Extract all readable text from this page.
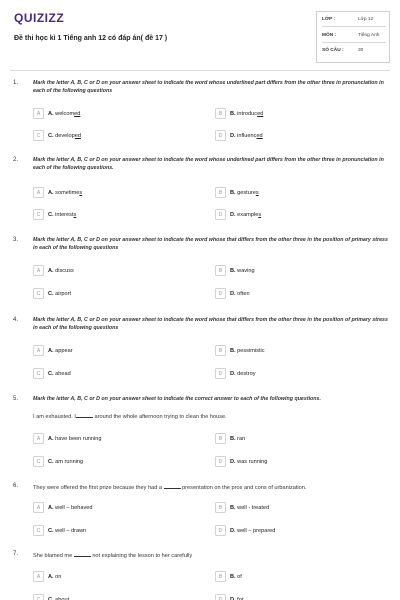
QUIZIZZ
Đề thi học kì 1 Tiếng anh 12 có đáp án( đề 17 )
LỚP :	Lớp 12
MÔN :	Tiếng Anh
SỐ CÂU :	30
1.	Mark the letter A, B, C or D on your answer sheet to indicate the word whose underlined part differs from the other three in pronunciation in each of the following questions
A	A. welcomed	B	B. introduced
C	C. developed	D	D. influenced
2.	Mark the letter A, B, C or D on your answer sheet to indicate the word whose underlined part differs from the other three in pronunciation in each of the following questions.
A	A. sometimes	B	B. gestures
C	C. interests	D	D. examples
3.	Mark the letter A, B, C or D on your answer sheet to indicate the word whose that differs from the other three in the position of primary stress in each of the following questions
A	A. discuss	B	B. waving
C	C. airport	D	D. often
4.	Mark the letter A, B, C or D on your answer sheet to indicate the word whose that differs from the other three in the position of primary stress in each of the following questions
A	A. appear	B	B. pessimistic
C	C. ahead	D	D. destroy
5.	Mark the letter A, B, C or D on your answer sheet to indicate the correct answer to each of the following questions.
I am exhausted. I	around the whole afternoon trying to clean the house.
A	A. have been running	B	B. ran
C	C. am running	D	D. was running
6.	They were offered the first prize because they had a	presentation on the pros and cons of urbanization.
A	A. well – behaved	B	B. well - treated
C	C. well – drawn	D	D. well – prepared
7.	She blamed me	not explaining the lesson to her carefully
A	A. on	B	B. of
C	C. about	D	D. for
